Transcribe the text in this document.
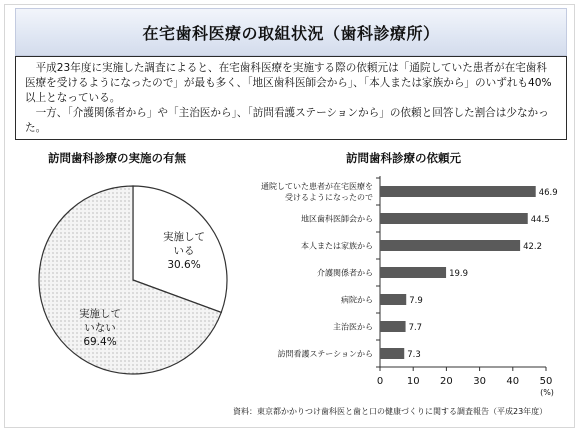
在宅歯科医療の取組状況（歯科診療所）

平成23年度に実施した調査によると、在宅歯科医療を実施する際の依頼元は「通院していた患者が在宅歯科医療を受けるようになったので」が最も多く、「地区歯科医師会から」、「本人または家族から」のいずれも40%以上となっている。

一方、「介護関係者から」や「主治医から」、「訪問看護ステーションから」の依頼と回答した割合は少なかった。

訪問歯科診療の実施の有無	訪問歯科診療の依頼元
実施して
いる
30.6%
実施して
いない
69.4%
46.9
通院していた患者が在宅医療を
受けるようになったので
44.5
地区歯科医師会から
42.2
本人または家族から
19.9
介護関係者から
7.9
病院から
7.7
主治医から
7.3
訪問看護ステーションから
0 10 20 30 40 50
(%)
資料：東京都かかりつけ歯科医と歯と口の健康づくりに関する調査報告（平成23年度）
